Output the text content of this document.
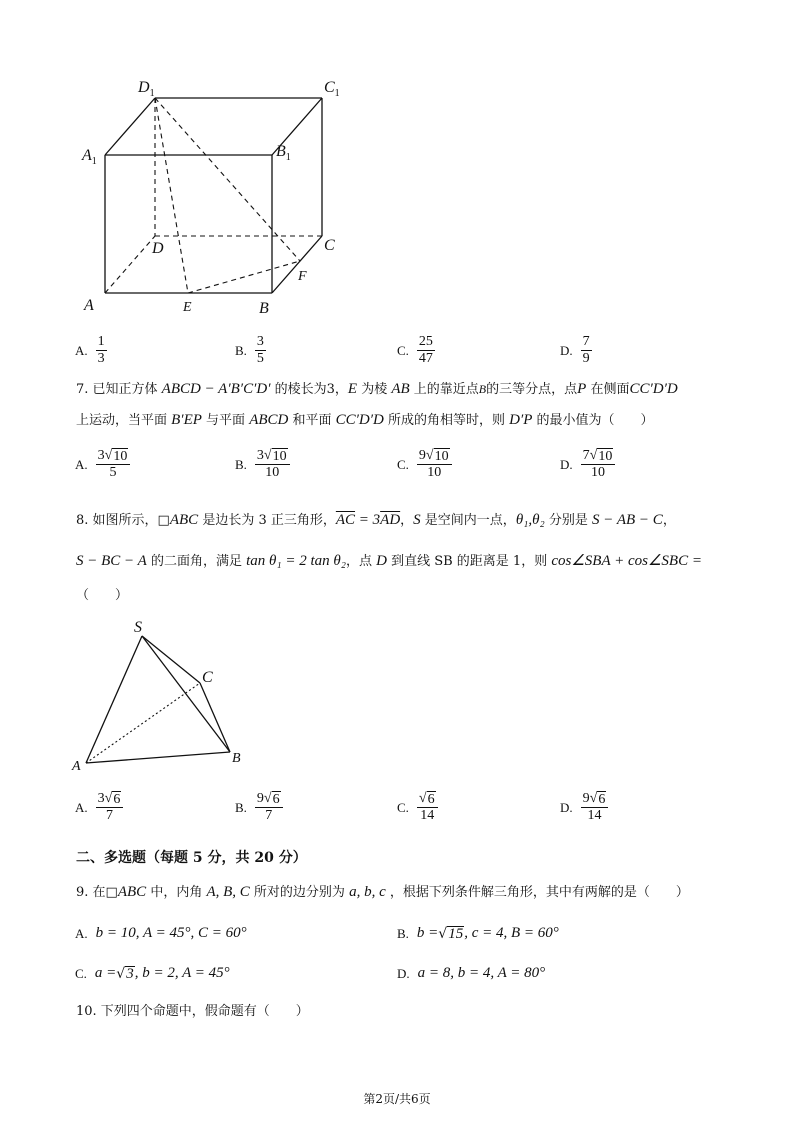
$D_1$	$C_1$
$A_1$
$B_1$
D	C
F
A	E	B
A. $\frac{1}{3}$	B. $\frac{3}{5}$	C. $\frac{25}{47}$	D. $\frac{7}{9}$
7. 已知正方体 ABCD − A′B′C′D′ 的棱长为3，E 为棱 AB 上的靠近点B的三等分点，点P 在侧面CC′D′D
上运动，当平面 B′EP 与平面 ABCD 和平面 CC′D′D 所成的角相等时，则 D′P 的最小值为（　　）
A. $\frac{3 √ 10}{5}$	B. $\frac{3 √ 10}{10}$	C. $\frac{9 √ 10}{10}$	D. $\frac{7 √ 10}{10}$
8. 如图所示，□ABC 是边长为 3 正三角形，$\overline{AC} = 3\overline{AD}$，S 是空间内一点，θ₁,θ₂ 分别是 S − AB − C，
S − BC − A 的二面角，满足 tan θ₁ = 2 tan θ₂，点 D 到直线 SB 的距离是 1，则 cos∠SBA + cos∠SBC =
（　　）
S
C
A
B
A. $\frac{3 √ 6}{7}$	B. $\frac{9 √ 6}{7}$	C. $\frac{√ 6}{14}$	D. $\frac{9 √ 6}{14}$
二、多选题（每题 5 分，共 20 分）
9. 在□ABC 中，内角 A, B, C 所对的边分别为 a, b, c ，根据下列条件解三角形，其中有两解的是（　　）
A. b = 10, A = 45°, C = 60°	B. b = √ 15 , c = 4, B = 60°
C. a = √ 3 , b = 2, A = 45°	D. a = 8, b = 4, A = 80°
10. 下列四个命题中，假命题有（　　）
第2页/共6页
